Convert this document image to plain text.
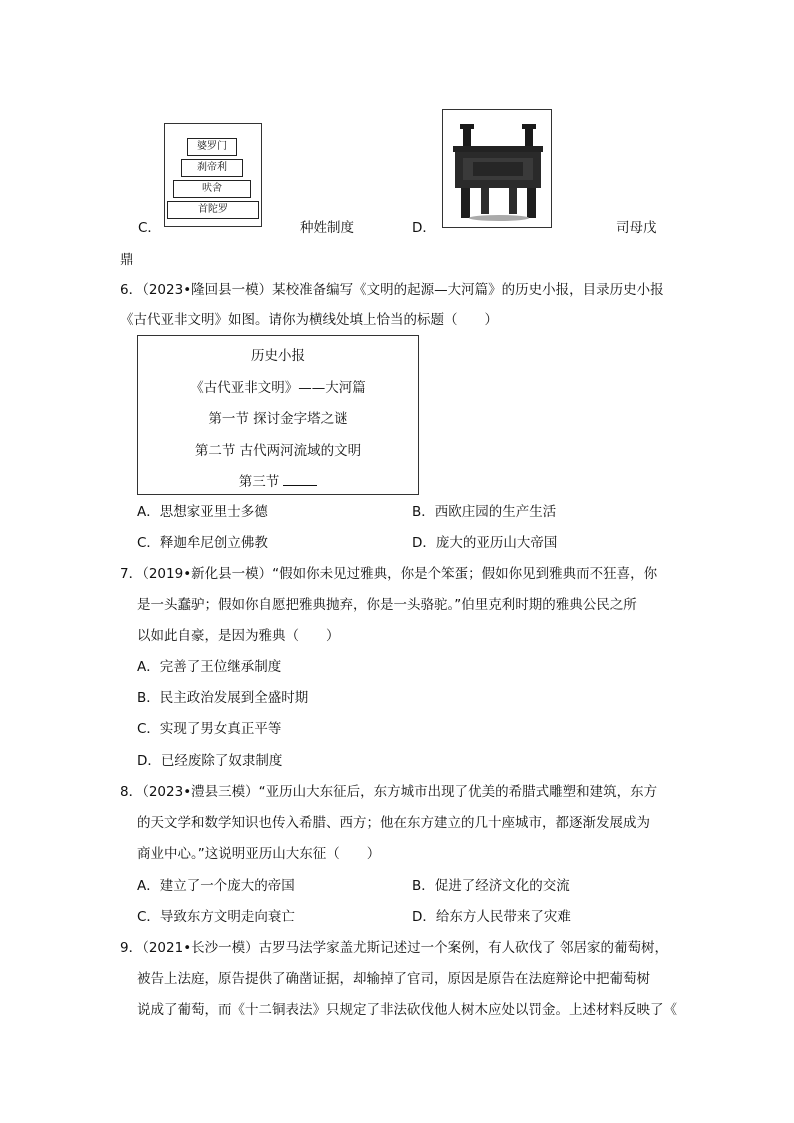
C．
婆罗门
刹帝利
吠舍
首陀罗
种姓制度	D．	司母戊
鼎
6．（2023•隆回县一模）某校准备编写《文明的起源—大河篇》的历史小报，目录历史小报
《古代亚非文明》如图。请你为横线处填上恰当的标题（　　）
历史小报
《古代亚非文明》——大河篇
第一节 探讨金字塔之谜
第二节 古代两河流域的文明
第三节
A．思想家亚里士多德	B．西欧庄园的生产生活
C．释迦牟尼创立佛教	D．庞大的亚历山大帝国
7．（2019•新化县一模）“假如你未见过雅典，你是个笨蛋；假如你见到雅典而不狂喜，你
是一头蠢驴；假如你自愿把雅典抛弃，你是一头骆驼。”伯里克利时期的雅典公民之所
以如此自豪，是因为雅典（　　）
A．完善了王位继承制度
B．民主政治发展到全盛时期
C．实现了男女真正平等
D．已经废除了奴隶制度
8．（2023•澧县三模）“亚历山大东征后，东方城市出现了优美的希腊式雕塑和建筑，东方
的天文学和数学知识也传入希腊、西方；他在东方建立的几十座城市，都逐渐发展成为
商业中心。”这说明亚历山大东征（　　）
A．建立了一个庞大的帝国	B．促进了经济文化的交流
C．导致东方文明走向衰亡	D．给东方人民带来了灾难
9．（2021•长沙一模）古罗马法学家盖尤斯记述过一个案例，有人砍伐了 邻居家的葡萄树，
被告上法庭，原告提供了确凿证据，却输掉了官司，原因是原告在法庭辩论中把葡萄树
说成了葡萄，而《十二铜表法》只规定了非法砍伐他人树木应处以罚金。上述材料反映了《
